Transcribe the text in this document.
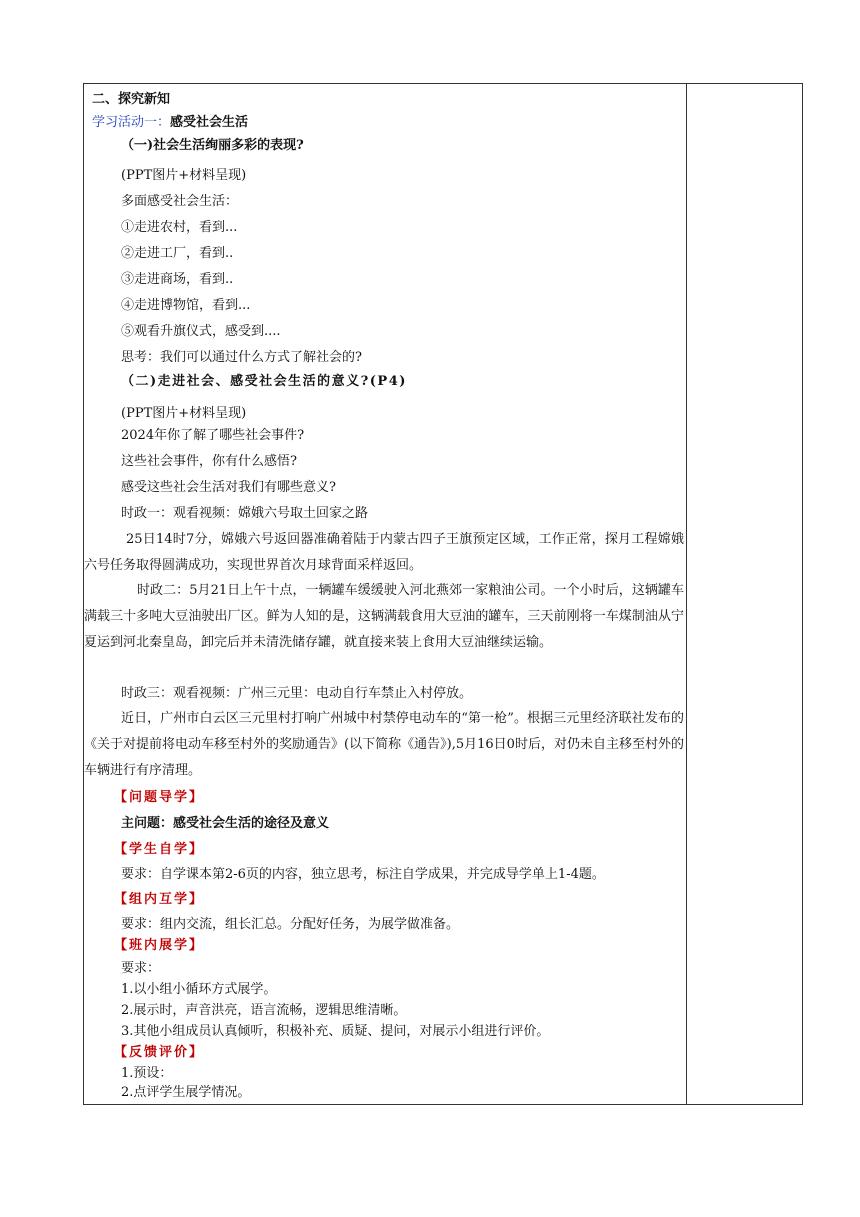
二、探究新知
学习活动一：感受社会生活
（一)社会生活绚丽多彩的表现?
(PPT图片+材料呈现)
多面感受社会生活：
①走进农村，看到...
②走进工厂，看到..
③走进商场，看到..
④走进博物馆，看到...
⑤观看升旗仪式，感受到....
思考：我们可以通过什么方式了解社会的?
（二)走进社会、感受社会生活的意义?(P4)
(PPT图片+材料呈现)
2024年你了解了哪些社会事件?
这些社会事件，你有什么感悟?
感受这些社会生活对我们有哪些意义?
时政一：观看视频：嫦娥六号取土回家之路
25日14时7分，嫦娥六号返回器准确着陆于内蒙古四子王旗预定区域，工作正常，探月工程嫦娥六号任务取得圆满成功，实现世界首次月球背面采样返回。
时政二：5月21日上午十点，一辆罐车缓缓驶入河北燕郊一家粮油公司。一个小时后，这辆罐车满载三十多吨大豆油驶出厂区。鲜为人知的是，这辆满载食用大豆油的罐车，三天前刚将一车煤制油从宁夏运到河北秦皇岛，卸完后并未清洗储存罐，就直接来装上食用大豆油继续运输。
时政三：观看视频：广州三元里：电动自行车禁止入村停放。
近日，广州市白云区三元里村打响广州城中村禁停电动车的“第一枪”。根据三元里经济联社发布的《关于对提前将电动车移至村外的奖励通告》(以下简称《通告》),5月16日0时后，对仍未自主移至村外的车辆进行有序清理。
【问题导学】
主问题：感受社会生活的途径及意义
【学生自学】
要求：自学课本第2-6页的内容，独立思考，标注自学成果，并完成导学单上1-4题。
【组内互学】
要求：组内交流，组长汇总。分配好任务，为展学做准备。
【班内展学】
要求：
1.以小组小循环方式展学。
2.展示时，声音洪亮，语言流畅，逻辑思维清晰。
3.其他小组成员认真倾听，积极补充、质疑、提问，对展示小组进行评价。
【反馈评价】
1.预设：
2.点评学生展学情况。
